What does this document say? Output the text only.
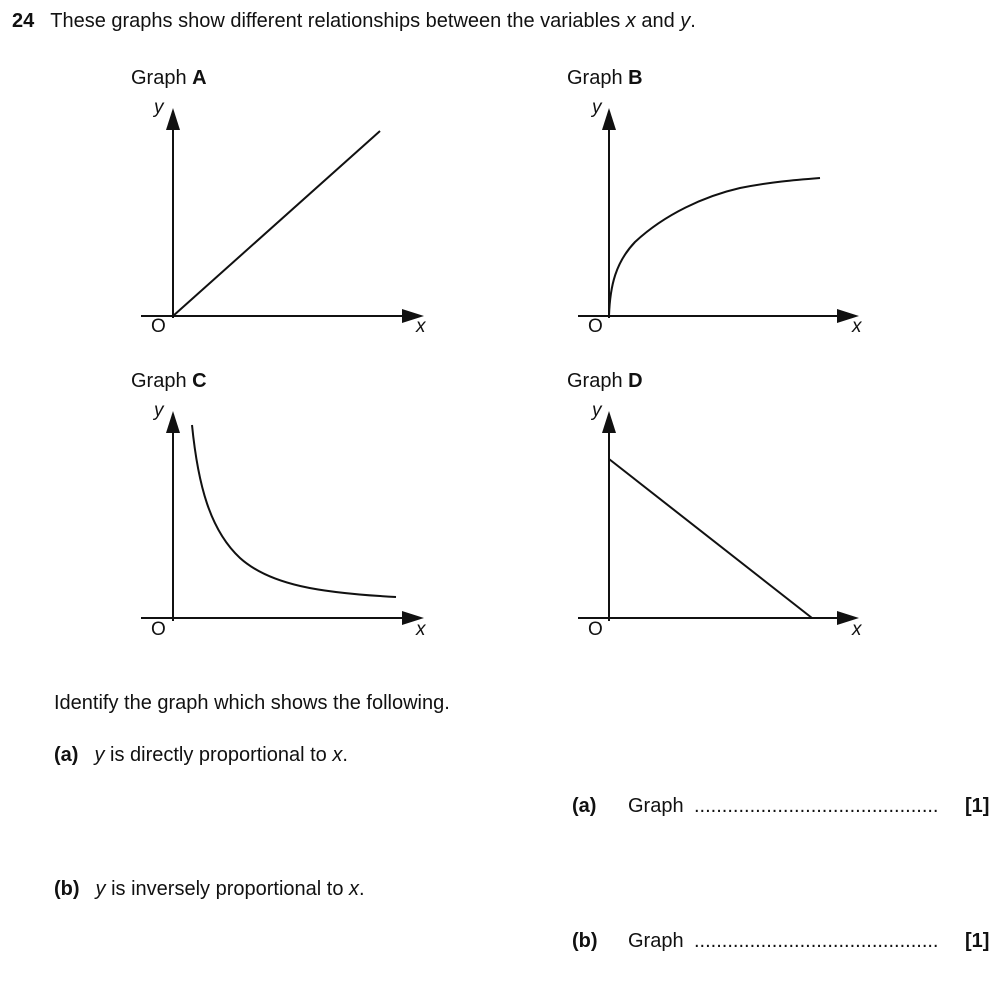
24 These graphs show different relationships between the variables x and y.
Graph A	Graph B
Graph C	Graph D
y
O	x
y
O	x
y
O	x
y
O	x
Identify the graph which shows the following.
(a) y is directly proportional to x.
(a) Graph ............................................	[1]
(b) y is inversely proportional to x.
(b) Graph ............................................	[1]
